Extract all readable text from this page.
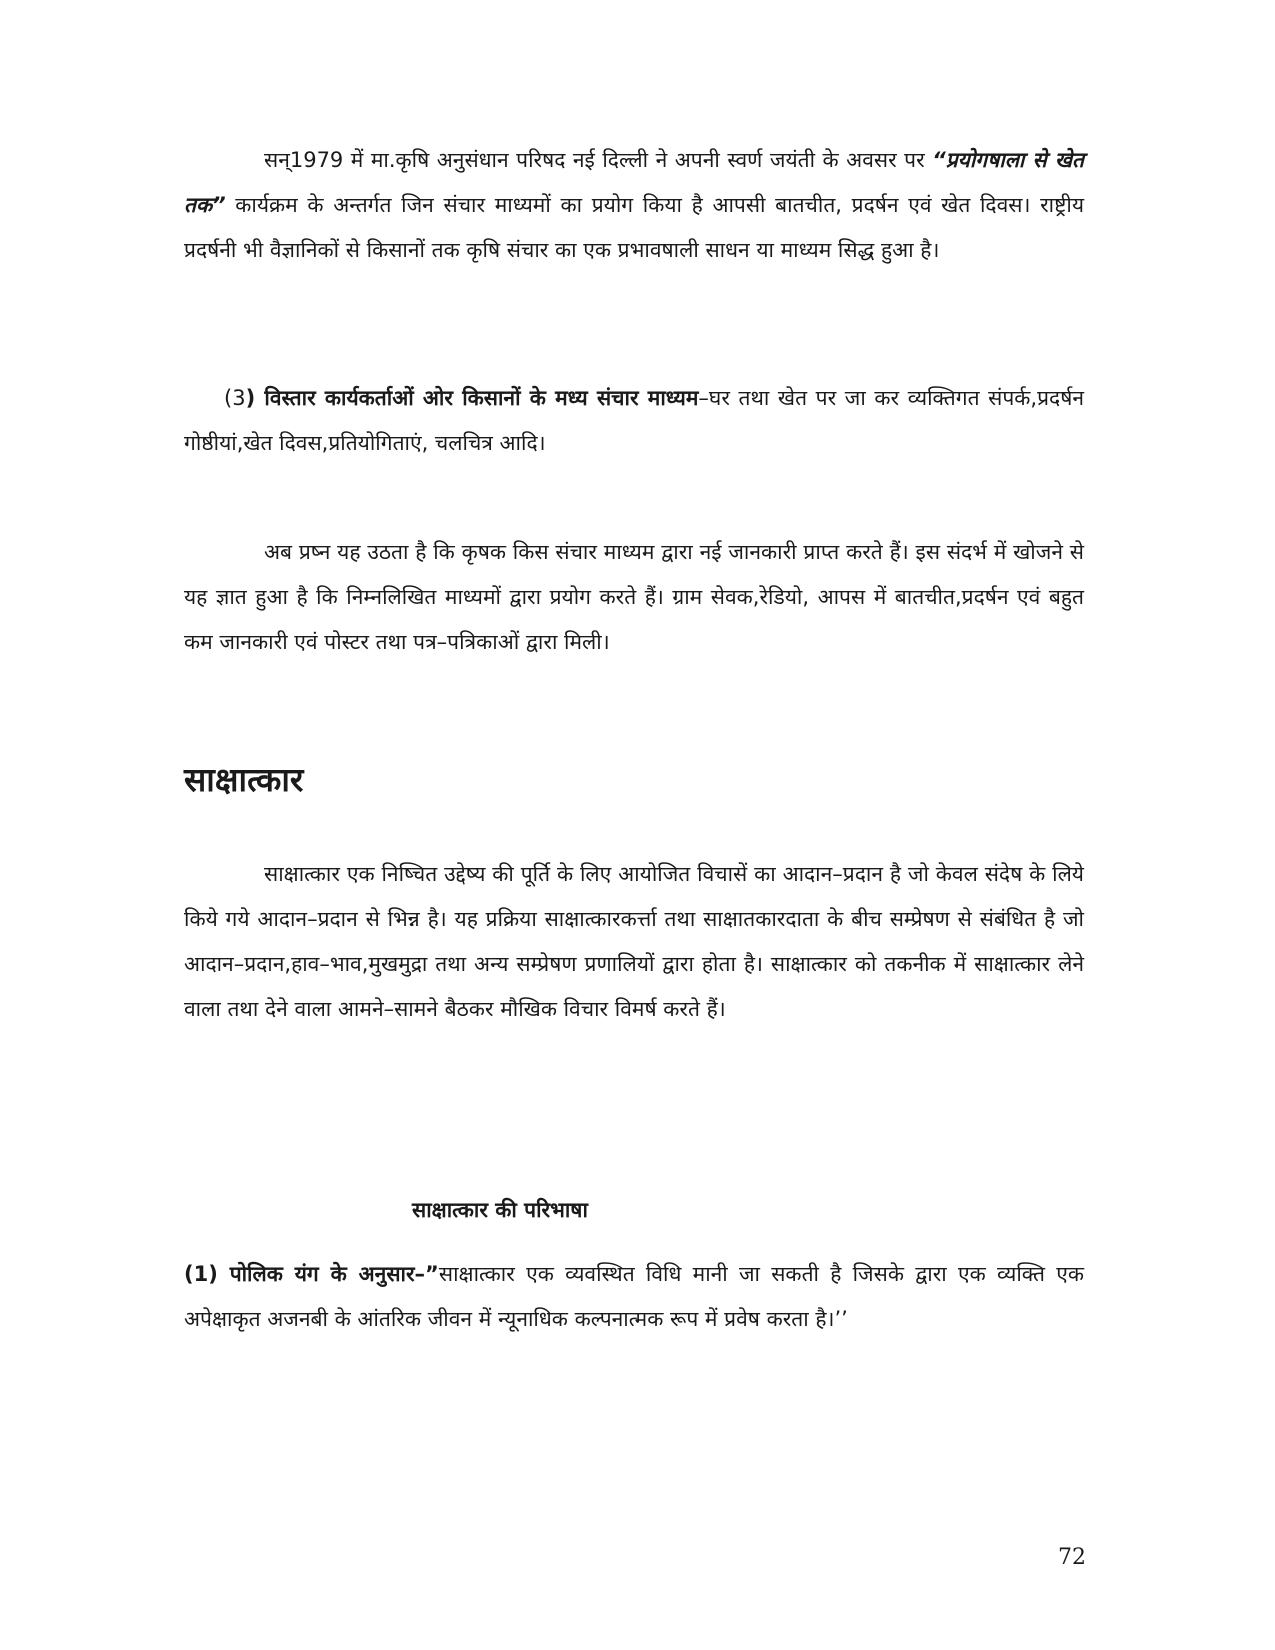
सन्1979 में मा.कृषि अनुसंधान परिषद नई दिल्ली ने अपनी स्वर्ण जयंती के अवसर पर “प्रयोगषाला से खेत तक” कार्यक्रम के अन्तर्गत जिन संचार माध्यमों का प्रयोग किया है आपसी बातचीत, प्रदर्षन एवं खेत दिवस। राष्ट्रीय प्रदर्षनी भी वैज्ञानिकों से किसानों तक कृषि संचार का एक प्रभावषाली साधन या माध्यम सिद्ध हुआ है।

(3) विस्तार कार्यकर्ताओं ओर किसानों के मध्य संचार माध्यम–घर तथा खेत पर जा कर व्यक्तिगत संपर्क,प्रदर्षन गोष्ठीयां,खेत दिवस,प्रतियोगिताएं, चलचित्र आदि।

अब प्रष्न यह उठता है कि कृषक किस संचार माध्यम द्वारा नई जानकारी प्राप्त करते हैं। इस संदर्भ में खोजने से यह ज्ञात हुआ है कि निम्नलिखित माध्यमों द्वारा प्रयोग करते हैं। ग्राम सेवक,रेडियो, आपस में बातचीत,प्रदर्षन एवं बहुत कम जानकारी एवं पोस्टर तथा पत्र–पत्रिकाओं द्वारा मिली।

साक्षात्कार

साक्षात्कार एक निष्चित उद्देष्य की पूर्ति के लिए आयोजित विचासें का आदान–प्रदान है जो केवल संदेष के लिये किये गये आदान–प्रदान से भिन्न है। यह प्रक्रिया साक्षात्कारकर्त्ता तथा साक्षातकारदाता के बीच सम्प्रेषण से संबंधित है जो आदान–प्रदान,हाव–भाव,मुखमुद्रा तथा अन्य सम्प्रेषण प्रणालियों द्वारा होता है। साक्षात्कार को तकनीक में साक्षात्कार लेने वाला तथा देने वाला आमने–सामने बैठकर मौखिक विचार विमर्ष करते हैं।

साक्षात्कार की परिभाषा

(1) पोलिक यंग के अनुसार–”साक्षात्कार एक व्यवस्थित विधि मानी जा सकती है जिसके द्वारा एक व्यक्ति एक अपेक्षाकृत अजनबी के आंतरिक जीवन में न्यूनाधिक कल्पनात्मक रूप में प्रवेष करता है।’’

72
